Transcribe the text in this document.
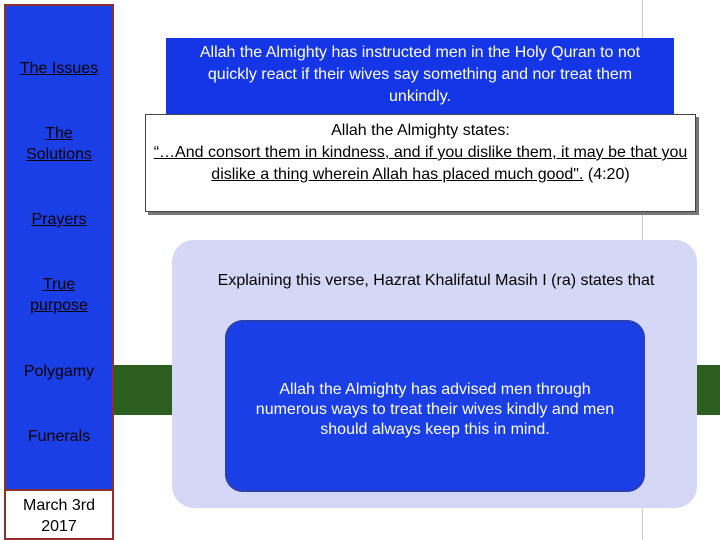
The Issues
The Solutions
Prayers
True purpose
Polygamy
Funerals
March 3rd 2017
Allah the Almighty has instructed men in the Holy Quran to not quickly react if their wives say something and nor treat them unkindly.
Allah the Almighty states:
“…And consort them in kindness, and if you dislike them, it may be that you dislike a thing wherein Allah has placed much good". (4:20)
Explaining this verse, Hazrat Khalifatul Masih I (ra) states that
Allah the Almighty has advised men through numerous ways to treat their wives kindly and men should always keep this in mind.
